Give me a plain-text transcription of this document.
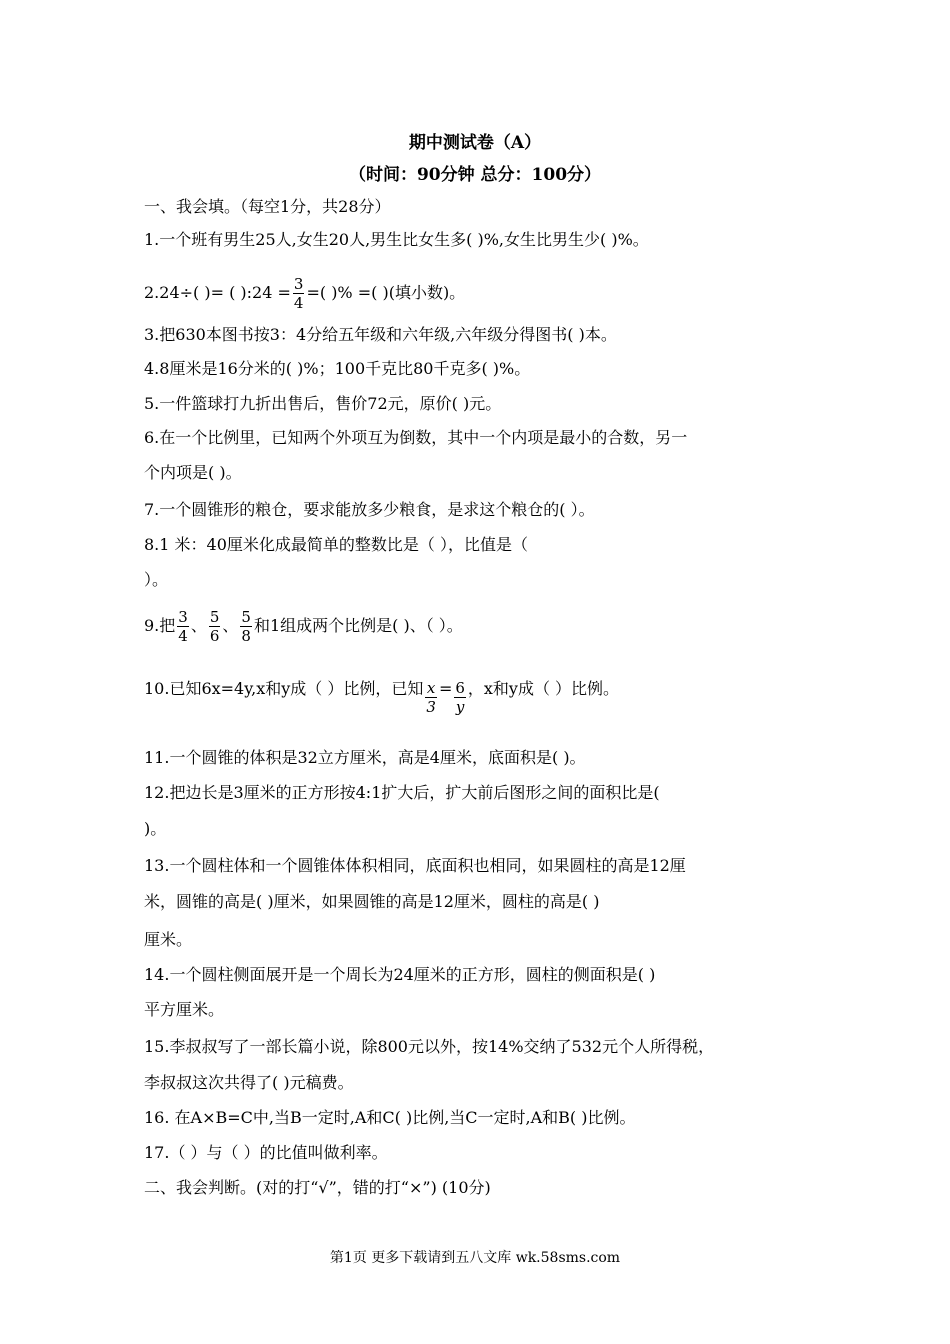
期中测试卷（A）
（时间：90分钟 总分：100分）
一、我会填。（每空1分，共28分）
1.一个班有男生25人,女生20人,男生比女生多( )%,女生比男生少( )%。
2.24÷( )= ( ):24 = $\frac{3}{4}$ =( )% =( )(填小数)。
3.把630本图书按3：4分给五年级和六年级,六年级分得图书( )本。
4.8厘米是16分米的( )%；100千克比80千克多( )%。
5.一件篮球打九折出售后，售价72元，原价( )元。
6.在一个比例里，已知两个外项互为倒数，其中一个内项是最小的合数，另一
个内项是( )。
7.一个圆锥形的粮仓，要求能放多少粮食，是求这个粮仓的( ）。
8.1 米：40厘米化成最简单的整数比是（ ），比值是（
）。
9.把 $\frac{3}{4}$ 、 $\frac{5}{6}$ 、 $\frac{5}{8}$ 和1组成两个比例是( )、（ ）。
10.已知6x=4y,x和y成（ ）比例，已知 $\frac{x}{3} = \frac{6}{y}$ ，x和y成（ ）比例。
11.一个圆锥的体积是32立方厘米，高是4厘米，底面积是( )。
12.把边长是3厘米的正方形按4:1扩大后，扩大前后图形之间的面积比是(
)。
13.一个圆柱体和一个圆锥体体积相同，底面积也相同，如果圆柱的高是12厘
米，圆锥的高是( )厘米，如果圆锥的高是12厘米，圆柱的高是( )
厘米。
14.一个圆柱侧面展开是一个周长为24厘米的正方形，圆柱的侧面积是( )
平方厘米。
15.李叔叔写了一部长篇小说，除800元以外，按14%交纳了532元个人所得税，
李叔叔这次共得了( )元稿费。
16. 在A×B=C中,当B一定时,A和C( )比例,当C一定时,A和B( )比例。
17.（ ）与（ ）的比值叫做利率。
二、我会判断。(对的打“√”，错的打“×”) (10分)
第1页 更多下载请到五八文库 wk.58sms.com
